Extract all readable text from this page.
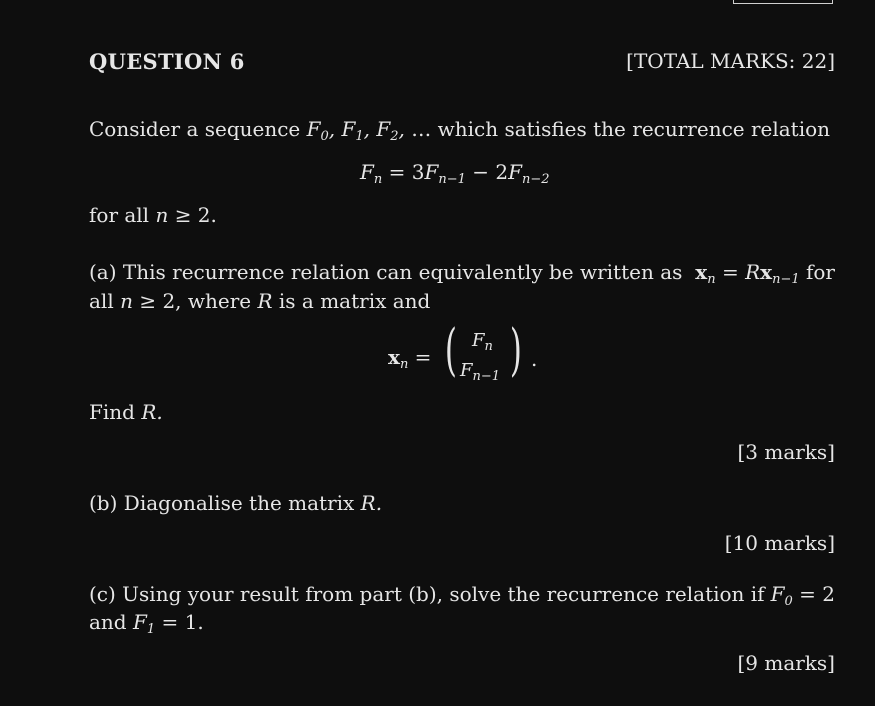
QUESTION 6	[TOTAL MARKS: 22]
Consider a sequence $F_0$, $F_1$, $F_2$, … which satisfies the recurrence relation
$F_n = 3F_{n-1} - 2F_{n-2}$
for all n ≥ 2.
(a) This recurrence relation can equivalently be written as $x_n = Rx_{n-1}$ for
all n ≥ 2, where R is a matrix and
$x_n$ = ( $F_n$
$F_{n-1}$ ) .
Find R.
[3 marks]
(b) Diagonalise the matrix R.
[10 marks]
(c) Using your result from part (b), solve the recurrence relation if $F_0 = 2$
and $F_1 = 1$.
[9 marks]
